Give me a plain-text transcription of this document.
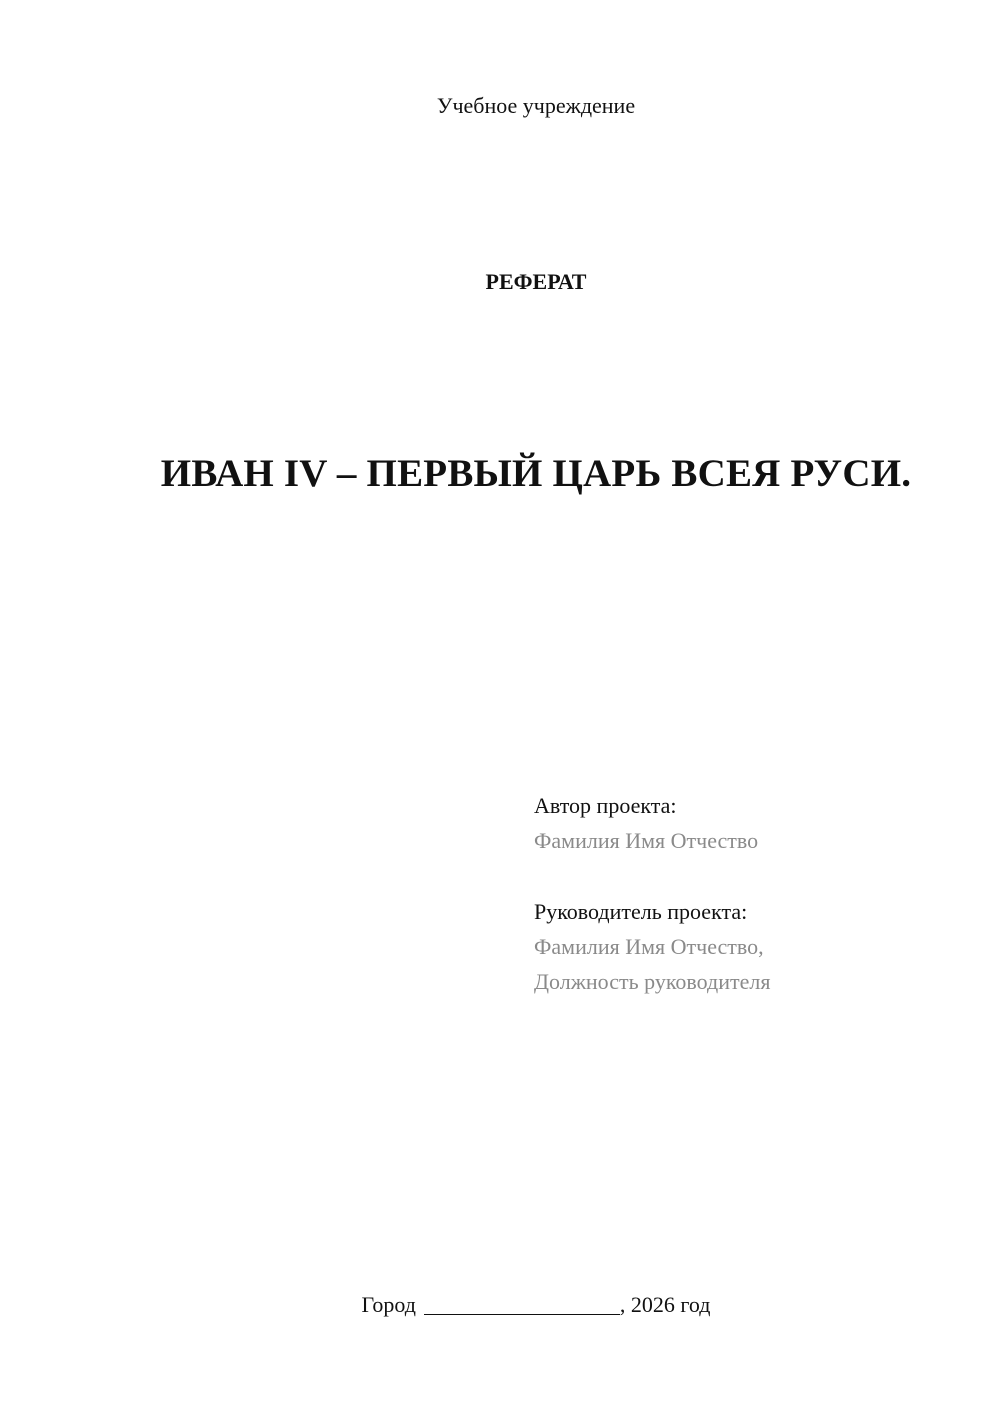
Учебное учреждение
РЕФЕРАТ
ИВАН IV – ПЕРВЫЙ ЦАРЬ ВСЕЯ РУСИ.
Автор проекта:
Фамилия Имя Отчество
Руководитель проекта:
Фамилия Имя Отчество,
Должность руководителя
Город	, 2026 год
